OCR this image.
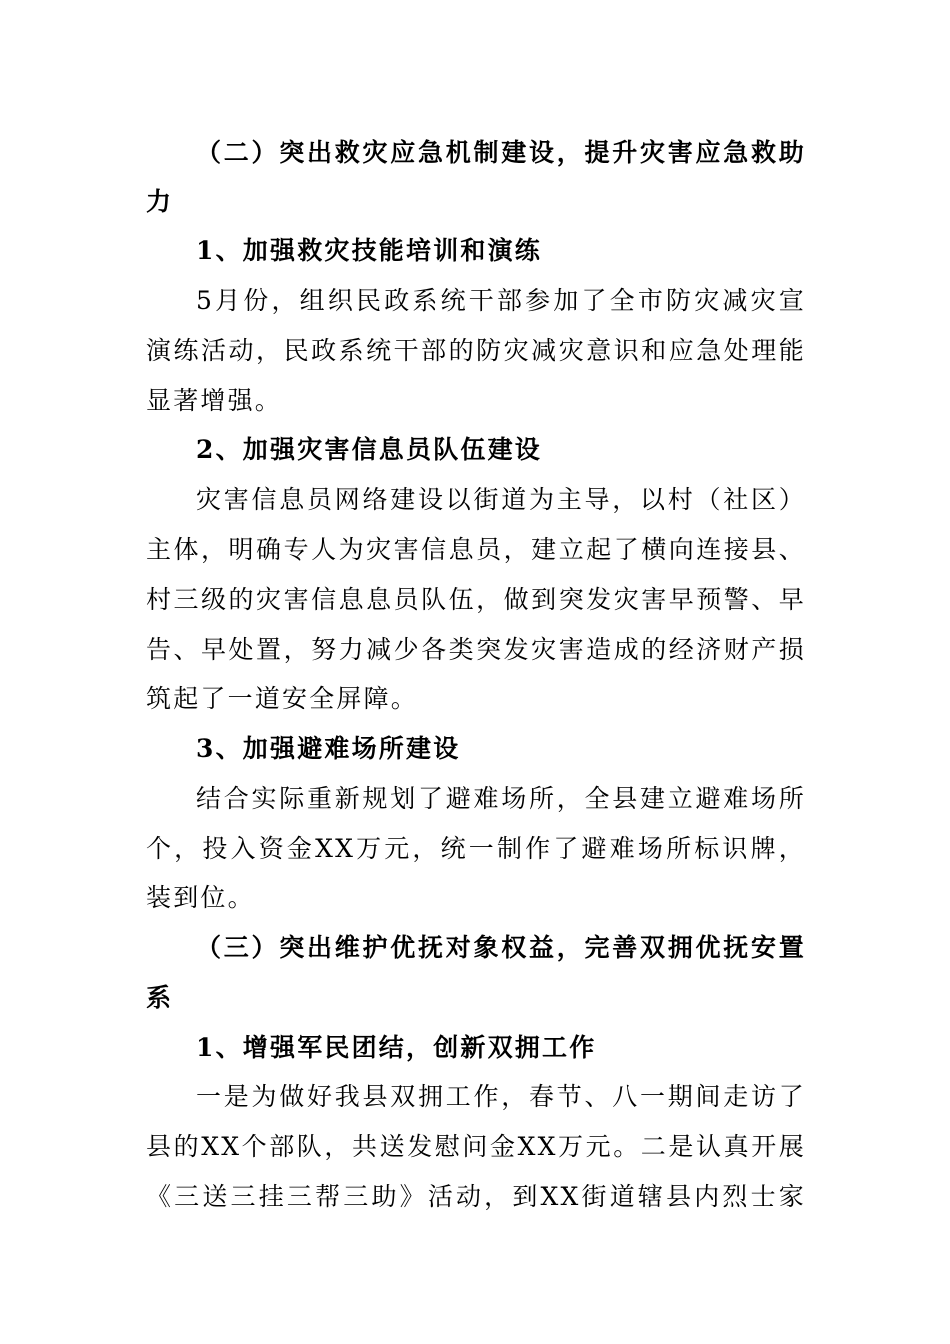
（二）突出救灾应急机制建设，提升灾害应急救助
力
1、加强救灾技能培训和演练
5月份，组织民政系统干部参加了全市防灾减灾宣
演练活动，民政系统干部的防灾减灾意识和应急处理能
显著增强。
2、加强灾害信息员队伍建设
灾害信息员网络建设以街道为主导，以村（社区）
主体，明确专人为灾害信息员，建立起了横向连接县、
村三级的灾害信息息员队伍，做到突发灾害早预警、早
告、早处置，努力减少各类突发灾害造成的经济财产损
筑起了一道安全屏障。
3、加强避难场所建设
结合实际重新规划了避难场所，全县建立避难场所
个，投入资金XX万元，统一制作了避难场所标识牌，
装到位。
（三）突出维护优抚对象权益，完善双拥优抚安置
系
1、增强军民团结，创新双拥工作
一是为做好我县双拥工作，春节、八一期间走访了
县的XX个部队，共送发慰问金XX万元。二是认真开展
《三送三挂三帮三助》活动，到XX街道辖县内烈士家
